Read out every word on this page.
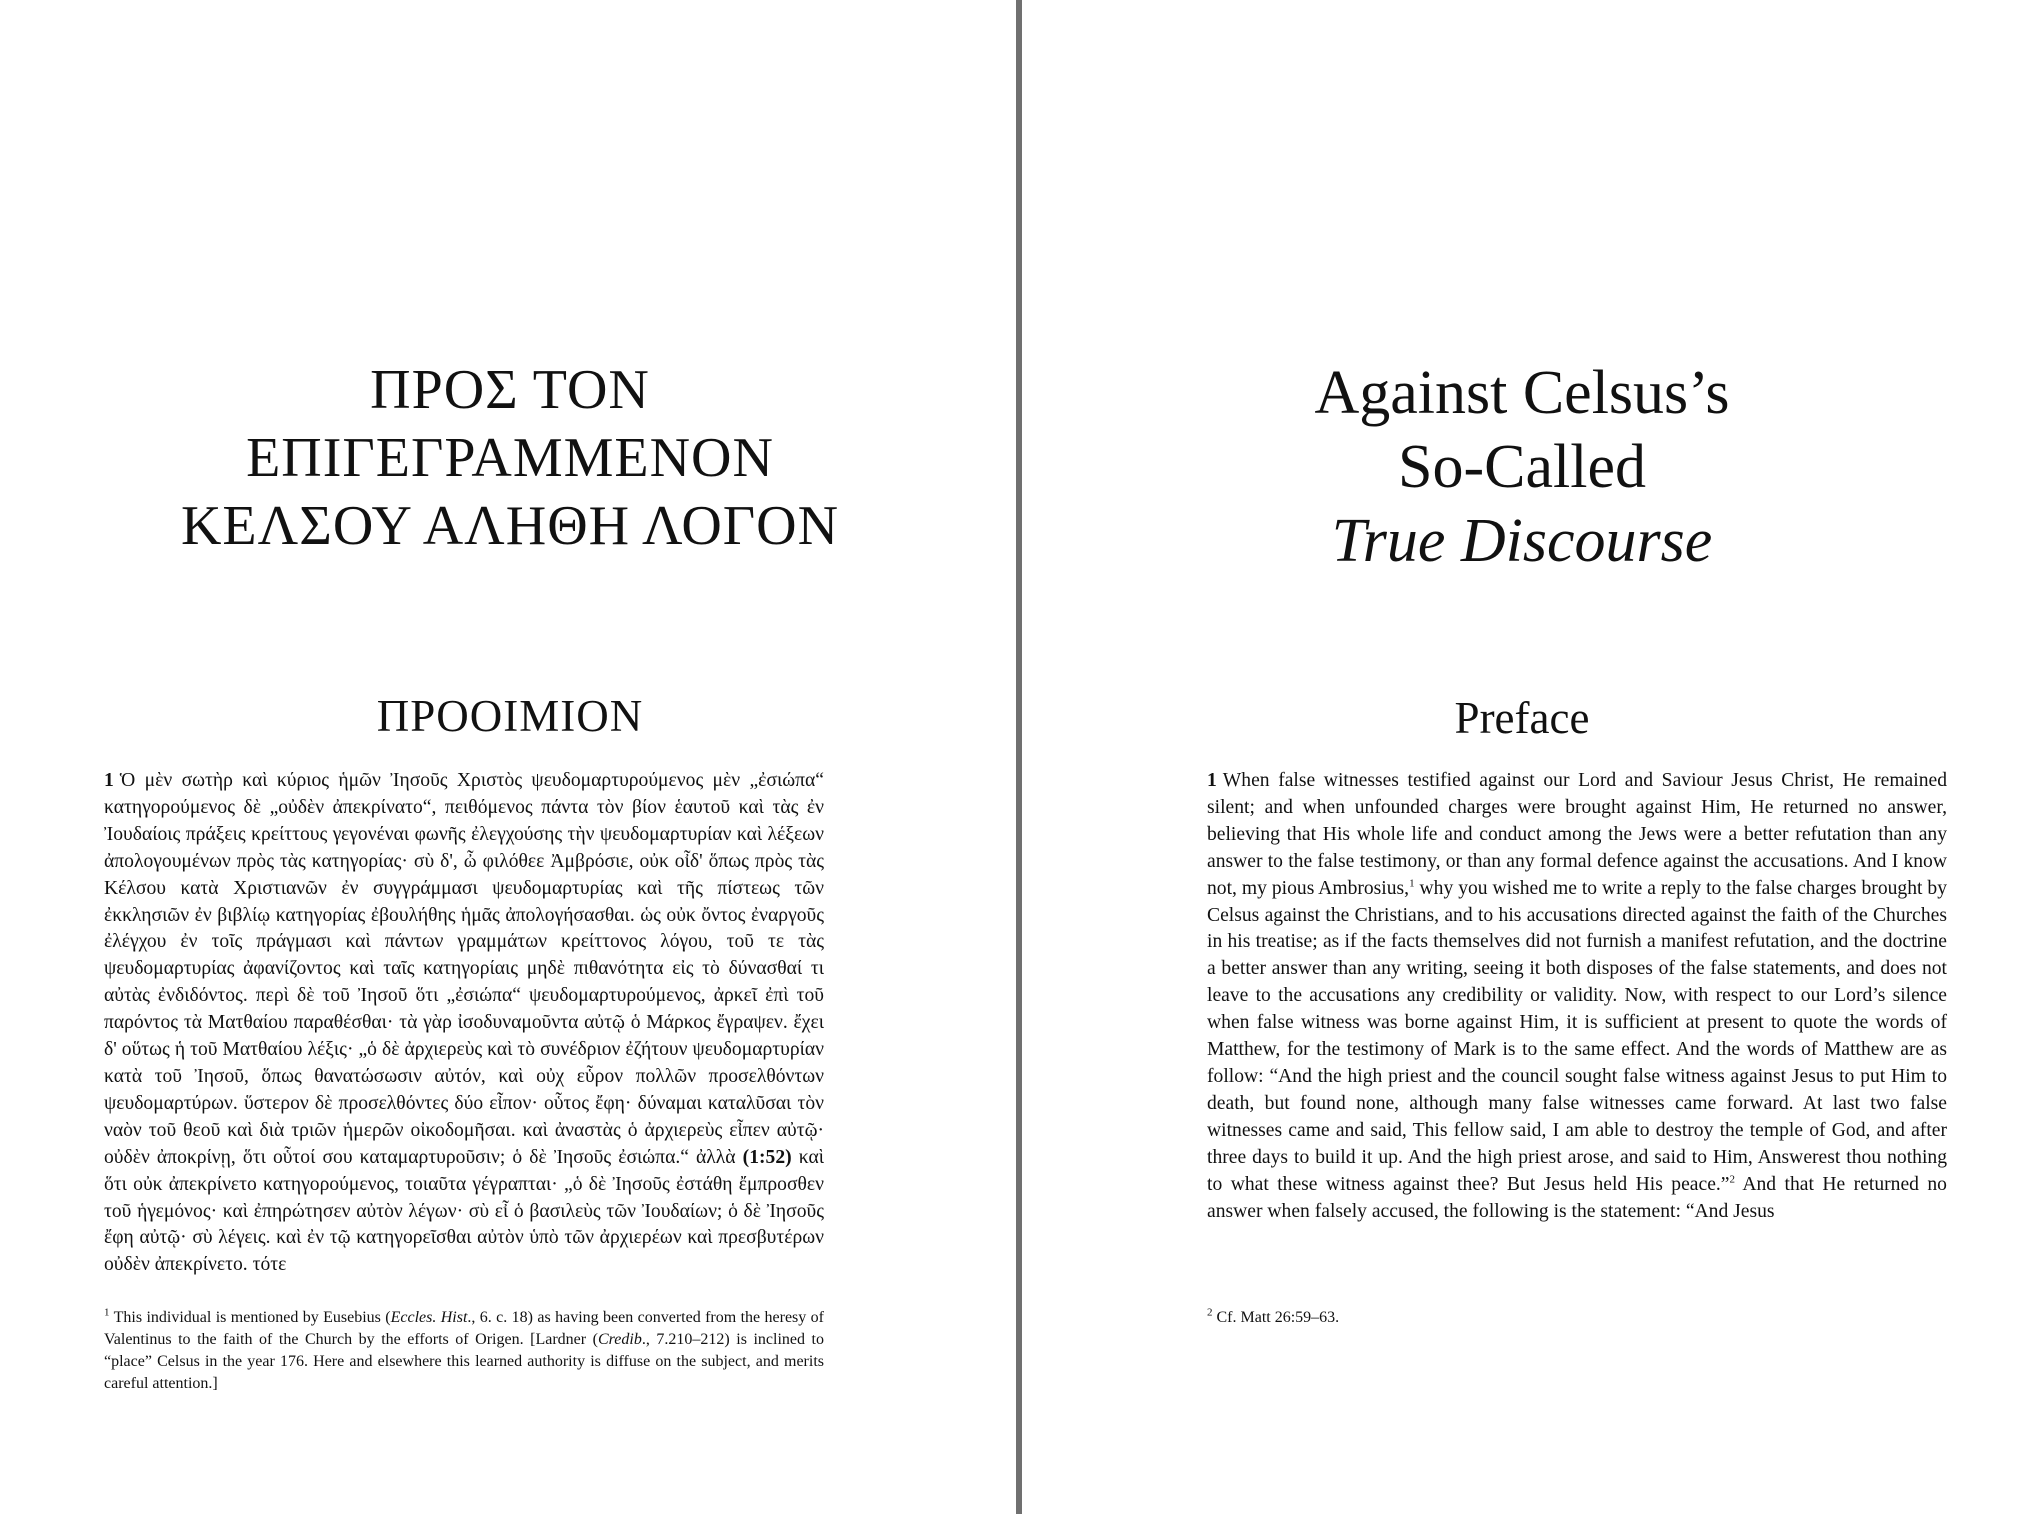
ΠΡΟΣ ΤΟΝ
ΕΠΙΓΕΓΡΑΜΜΕΝΟΝ
ΚΕΛΣΟΥ ΑΛΗΘΗ ΛΟΓΟΝ
ΠΡΟΟΙΜΙΟΝ

1 Ὁ μὲν σωτὴρ καὶ κύριος ἡμῶν Ἰησοῦς Χριστὸς ψευδομαρτυρούμενος μὲν „ἐσιώπα“ κατηγορούμενος δὲ „οὐδὲν ἀπεκρίνατο“, πειθόμενος πάντα τὸν βίον ἑαυτοῦ καὶ τὰς ἐν Ἰουδαίοις πράξεις κρείττους γεγονέναι φωνῆς ἐλεγχούσης τὴν ψευδομαρτυρίαν καὶ λέξεων ἀπολογουμένων πρὸς τὰς κατηγορίας· σὺ δ', ὦ φιλόθεε Ἀμβρόσιε, οὐκ οἶδ' ὅπως πρὸς τὰς Κέλσου κατὰ Χριστιανῶν ἐν συγγράμμασι ψευδομαρτυρίας καὶ τῆς πίστεως τῶν ἐκκλησιῶν ἐν βιβλίῳ κατηγορίας ἐβουλήθης ἡμᾶς ἀπολογήσασθαι. ὡς οὐκ ὄντος ἐναργοῦς ἐλέγχου ἐν τοῖς πράγμασι καὶ πάντων γραμμάτων κρείττονος λόγου, τοῦ τε τὰς ψευδομαρτυρίας ἀφανίζοντος καὶ ταῖς κατηγορίαις μηδὲ πιθανότητα εἰς τὸ δύνασθαί τι αὐτὰς ἐνδιδόντος. περὶ δὲ τοῦ Ἰησοῦ ὅτι „ἐσιώπα“ ψευδομαρτυρούμενος, ἀρκεῖ ἐπὶ τοῦ παρόντος τὰ Ματθαίου παραθέσθαι· τὰ γὰρ ἰσοδυναμοῦντα αὐτῷ ὁ Μάρκος ἔγραψεν. ἔχει δ' οὕτως ἡ τοῦ Ματθαίου λέξις· „ὁ δὲ ἀρχιερεὺς καὶ τὸ συνέδριον ἐζήτουν ψευδομαρτυρίαν κατὰ τοῦ Ἰησοῦ, ὅπως θανατώσωσιν αὐτόν, καὶ οὐχ εὗρον πολλῶν προσελθόντων ψευδομαρτύρων. ὕστερον δὲ προσελθόντες δύο εἶπον· οὗτος ἔφη· δύναμαι καταλῦσαι τὸν ναὸν τοῦ θεοῦ καὶ διὰ τριῶν ἡμερῶν οἰκοδομῆσαι. καὶ ἀναστὰς ὁ ἀρχιερεὺς εἶπεν αὐτῷ· οὐδὲν ἀποκρίνῃ, ὅτι οὗτοί σου καταμαρτυροῦσιν; ὁ δὲ Ἰησοῦς ἐσιώπα.“ ἀλλὰ (1:52) καὶ ὅτι οὐκ ἀπεκρίνετο κατηγορούμενος, τοιαῦτα γέγραπται· „ὁ δὲ Ἰησοῦς ἐστάθη ἔμπροσθεν τοῦ ἡγεμόνος· καὶ ἐπηρώτησεν αὐτὸν λέγων· σὺ εἶ ὁ βασιλεὺς τῶν Ἰουδαίων; ὁ δὲ Ἰησοῦς ἔφη αὐτῷ· σὺ λέγεις. καὶ ἐν τῷ κατηγορεῖσθαι αὐτὸν ὑπὸ τῶν ἀρχιερέων καὶ πρεσβυτέρων οὐδὲν ἀπεκρίνετο. τότε

$^1$ This individual is mentioned by Eusebius (Eccles. Hist., 6. c. 18) as having been converted from the heresy of Valentinus to the faith of the Church by the efforts of Origen. [Lardner (Credib., 7.210–212) is inclined to “place” Celsus in the year 176. Here and elsewhere this learned authority is diffuse on the subject, and merits careful attention.]

Against Celsus’s
So-Called
True Discourse
Preface

1 When false witnesses testified against our Lord and Saviour Jesus Christ, He remained silent; and when unfounded charges were brought against Him, He returned no answer, believing that His whole life and conduct among the Jews were a better refutation than any answer to the false testimony, or than any formal defence against the accusations. And I know not, my pious Ambrosius,$^1$ why you wished me to write a reply to the false charges brought by Celsus against the Christians, and to his accusations directed against the faith of the Churches in his treatise; as if the facts themselves did not furnish a manifest refutation, and the doctrine a better answer than any writing, seeing it both disposes of the false statements, and does not leave to the accusations any credibility or validity. Now, with respect to our Lord’s silence when false witness was borne against Him, it is sufficient at present to quote the words of Matthew, for the testimony of Mark is to the same effect. And the words of Matthew are as follow: “And the high priest and the council sought false witness against Jesus to put Him to death, but found none, although many false witnesses came forward. At last two false witnesses came and said, This fellow said, I am able to destroy the temple of God, and after three days to build it up. And the high priest arose, and said to Him, Answerest thou nothing to what these witness against thee? But Jesus held His peace.”$^2$ And that He returned no answer when falsely accused, the following is the statement: “And Jesus

$^2$ Cf. Matt 26:59–63.
